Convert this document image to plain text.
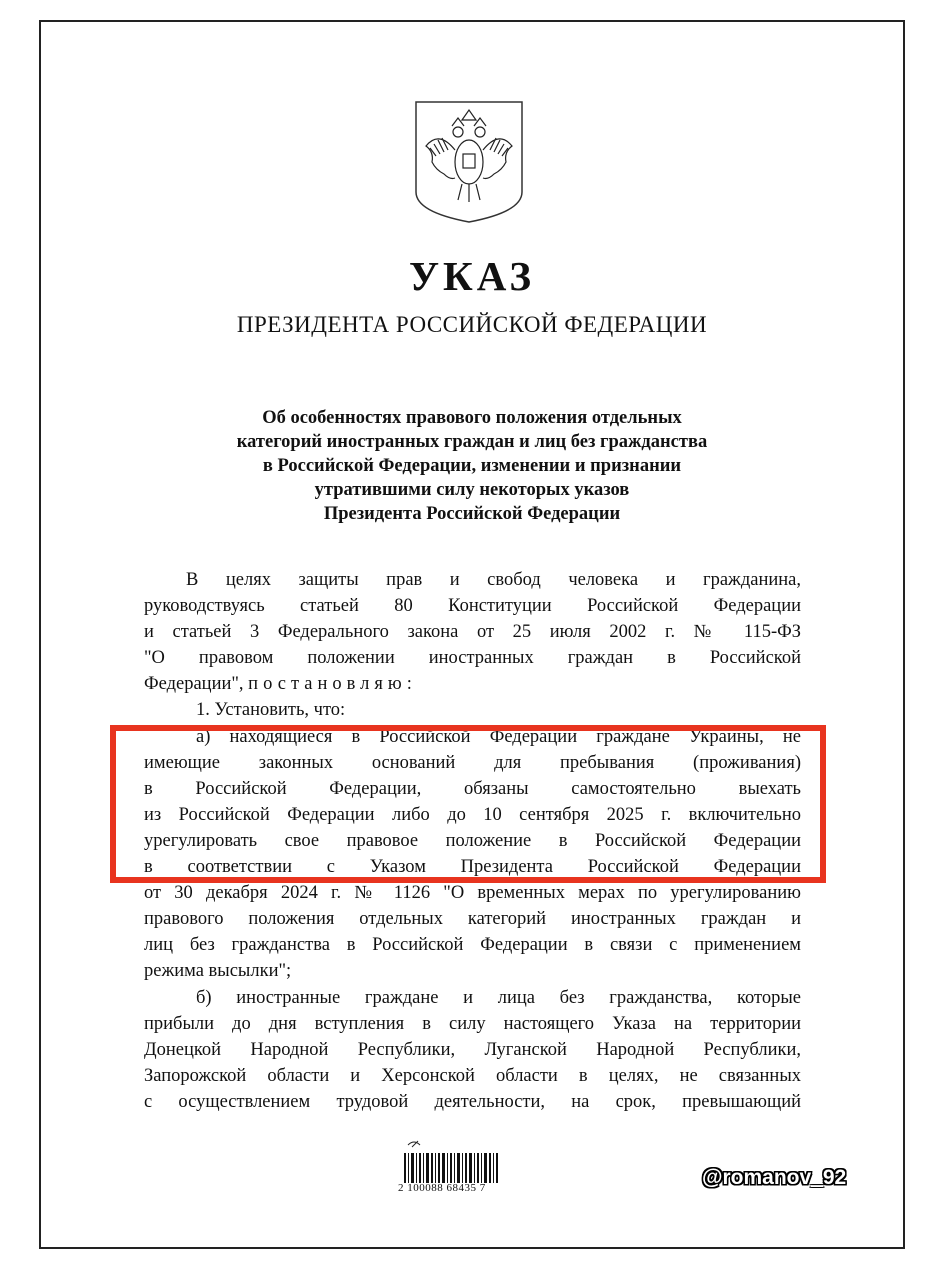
УКАЗ
ПРЕЗИДЕНТА РОССИЙСКОЙ ФЕДЕРАЦИИ
Об особенностях правового положения отдельных
категорий иностранных граждан и лиц без гражданства
в Российской Федерации, изменении и признании
утратившими силу некоторых указов
Президента Российской Федерации
В целях защиты прав и свобод человека и гражданина,
руководствуясь статьей 80 Конституции Российской Федерации
и статьей 3 Федерального закона от 25 июля 2002 г. № 115-ФЗ
"О правовом положении иностранных граждан в Российской
Федерации", постановляю:
1. Установить, что:
а) находящиеся в Российской Федерации граждане Украины, не
имеющие законных оснований для пребывания (проживания)
в Российской Федерации, обязаны самостоятельно выехать
из Российской Федерации либо до 10 сентября 2025 г. включительно
урегулировать свое правовое положение в Российской Федерации
в соответствии с Указом Президента Российской Федерации
от 30 декабря 2024 г. № 1126 "О временных мерах по урегулированию
правового положения отдельных категорий иностранных граждан и
лиц без гражданства в Российской Федерации в связи с применением
режима высылки";
б) иностранные граждане и лица без гражданства, которые
прибыли до дня вступления в силу настоящего Указа на территории
Донецкой Народной Республики, Луганской Народной Республики,
Запорожской области и Херсонской области в целях, не связанных
с осуществлением трудовой деятельности, на срок, превышающий
2 100088 68435 7	@romanov_92
